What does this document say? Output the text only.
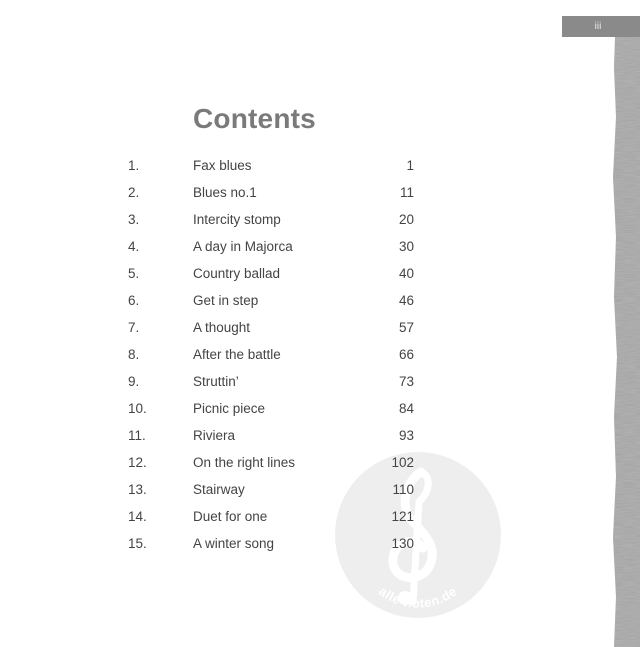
iii
alle-noten.de
Contents
1.	Fax blues	1
2.	Blues no.1	11
3.	Intercity stomp	20
4.	A day in Majorca	30
5.	Country ballad	40
6.	Get in step	46
7.	A thought	57
8.	After the battle	66
9.	Struttin’	73
10.	Picnic piece	84
11.	Riviera	93
12.	On the right lines	102
13.	Stairway	110
14.	Duet for one	121
15.	A winter song	130
